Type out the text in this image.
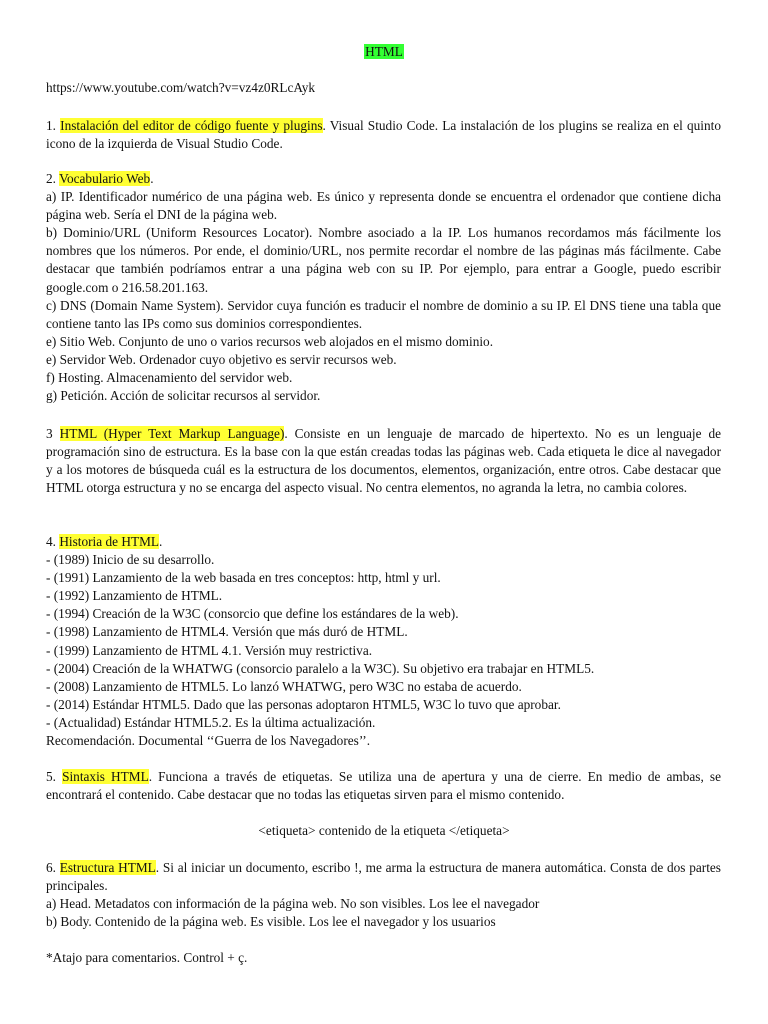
HTML

https://www.youtube.com/watch?v=vz4z0RLcAyk

1. Instalación del editor de código fuente y plugins. Visual Studio Code. La instalación de los plugins se realiza en el quinto icono de la izquierda de Visual Studio Code.

2. Vocabulario Web.
a) IP. Identificador numérico de una página web. Es único y representa donde se encuentra el ordenador que contiene dicha página web. Sería el DNI de la página web.
b) Dominio/URL (Uniform Resources Locator). Nombre asociado a la IP. Los humanos recordamos más fácilmente los nombres que los números. Por ende, el dominio/URL, nos permite recordar el nombre de las páginas más fácilmente. Cabe destacar que también podríamos entrar a una página web con su IP. Por ejemplo, para entrar a Google, puedo escribir google.com o 216.58.201.163.
c) DNS (Domain Name System). Servidor cuya función es traducir el nombre de dominio a su IP. El DNS tiene una tabla que contiene tanto las IPs como sus dominios correspondientes.
e) Sitio Web. Conjunto de uno o varios recursos web alojados en el mismo dominio.
e) Servidor Web. Ordenador cuyo objetivo es servir recursos web.
f) Hosting. Almacenamiento del servidor web.
g) Petición. Acción de solicitar recursos al servidor.

3 HTML (Hyper Text Markup Language). Consiste en un lenguaje de marcado de hipertexto. No es un lenguaje de programación sino de estructura. Es la base con la que están creadas todas las páginas web. Cada etiqueta le dice al navegador y a los motores de búsqueda cuál es la estructura de los documentos, elementos, organización, entre otros. Cabe destacar que HTML otorga estructura y no se encarga del aspecto visual. No centra elementos, no agranda la letra, no cambia colores.

4. Historia de HTML.
- (1989) Inicio de su desarrollo.
- (1991) Lanzamiento de la web basada en tres conceptos: http, html y url.
- (1992) Lanzamiento de HTML.
- (1994) Creación de la W3C (consorcio que define los estándares de la web).
- (1998) Lanzamiento de HTML4. Versión que más duró de HTML.
- (1999) Lanzamiento de HTML 4.1. Versión muy restrictiva.
- (2004) Creación de la WHATWG (consorcio paralelo a la W3C). Su objetivo era trabajar en HTML5.
- (2008) Lanzamiento de HTML5. Lo lanzó WHATWG, pero W3C no estaba de acuerdo.
- (2014) Estándar HTML5. Dado que las personas adoptaron HTML5, W3C lo tuvo que aprobar.
- (Actualidad) Estándar HTML5.2. Es la última actualización.
Recomendación. Documental ‘‘Guerra de los Navegadores’’.

5. Sintaxis HTML. Funciona a través de etiquetas. Se utiliza una de apertura y una de cierre. En medio de ambas, se encontrará el contenido. Cabe destacar que no todas las etiquetas sirven para el mismo contenido.

<etiqueta> contenido de la etiqueta </etiqueta>

6. Estructura HTML. Si al iniciar un documento, escribo !, me arma la estructura de manera automática. Consta de dos partes principales.

a) Head. Metadatos con información de la página web. No son visibles. Los lee el navegador
b) Body. Contenido de la página web. Es visible. Los lee el navegador y los usuarios

*Atajo para comentarios. Control + ç.
